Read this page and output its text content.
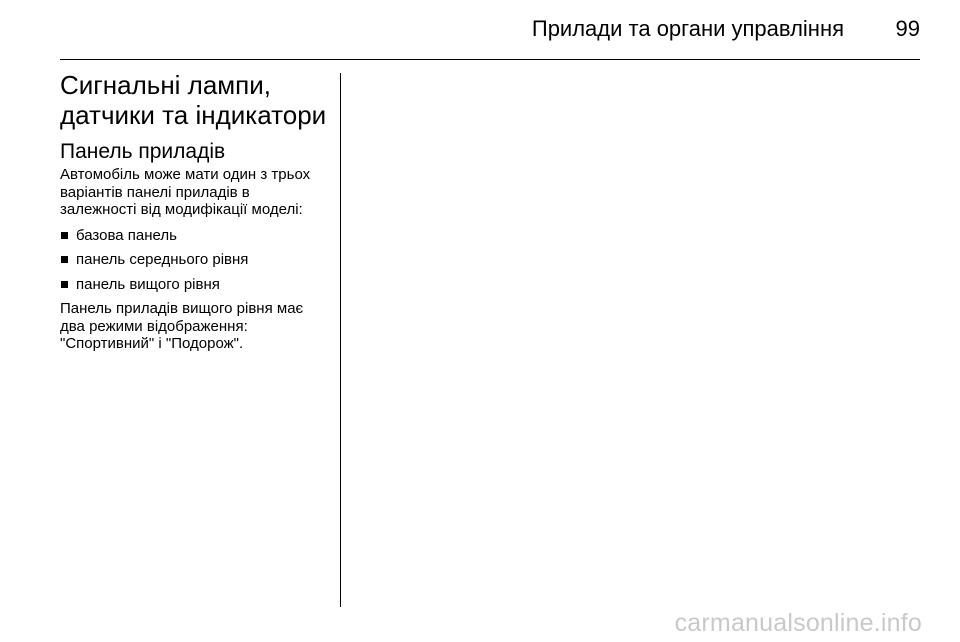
Прилади та органи управління 99
Сигнальні лампи,
датчики та індикатори
Панель приладів

Автомобіль може мати один з трьох
варіантів панелі приладів в
залежності від модифікації моделі:

базова панель
панель середнього рівня
панель вищого рівня

Панель приладів вищого рівня має
два режими відображення:
"Спортивний" і "Подорож".

carmanualsonline.info
